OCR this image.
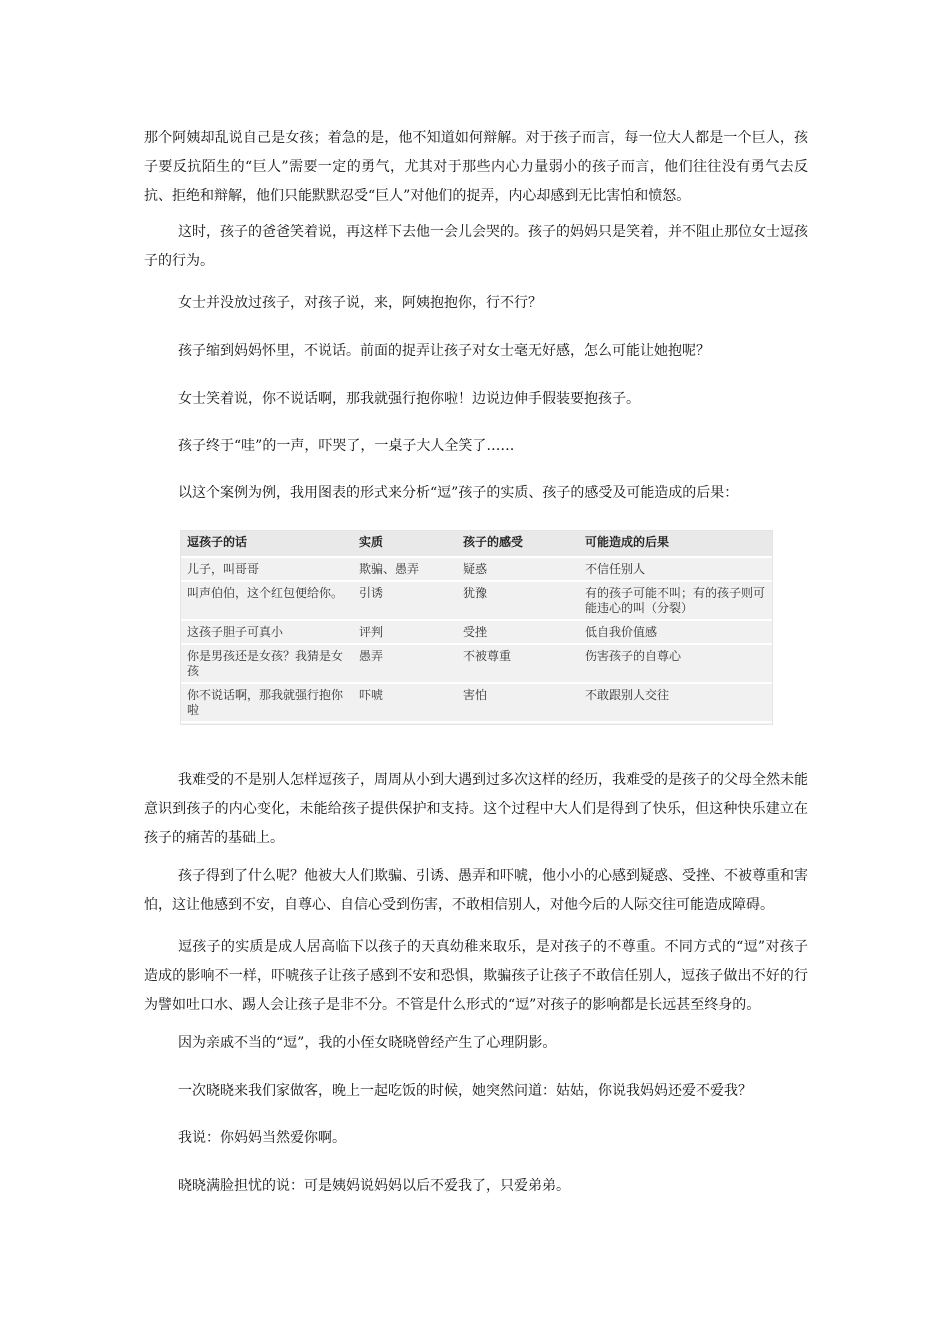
那个阿姨却乱说自己是女孩；着急的是，他不知道如何辩解。对于孩子而言，每一位大人都是一个巨人，孩子要反抗陌生的“巨人”需要一定的勇气，尤其对于那些内心力量弱小的孩子而言，他们往往没有勇气去反抗、拒绝和辩解，他们只能默默忍受“巨人”对他们的捉弄，内心却感到无比害怕和愤怒。

这时，孩子的爸爸笑着说，再这样下去他一会儿会哭的。孩子的妈妈只是笑着，并不阻止那位女士逗孩子的行为。

女士并没放过孩子，对孩子说，来，阿姨抱抱你，行不行？

孩子缩到妈妈怀里，不说话。前面的捉弄让孩子对女士毫无好感，怎么可能让她抱呢？

女士笑着说，你不说话啊，那我就强行抱你啦！边说边伸手假装要抱孩子。

孩子终于“哇”的一声，吓哭了，一桌子大人全笑了……

以这个案例为例，我用图表的形式来分析“逗”孩子的实质、孩子的感受及可能造成的后果：

逗孩子的话	实质	孩子的感受	可能造成的后果
儿子，叫哥哥	欺骗、愚弄	疑惑	不信任别人
叫声伯伯，这个红包便给你。	引诱	犹豫	有的孩子可能不叫；有的孩子则可能违心的叫（分裂）
这孩子胆子可真小	评判	受挫	低自我价值感
你是男孩还是女孩？我猜是女孩	愚弄	不被尊重	伤害孩子的自尊心
你不说话啊，那我就强行抱你啦	吓唬	害怕	不敢跟别人交往

我难受的不是别人怎样逗孩子，周周从小到大遇到过多次这样的经历，我难受的是孩子的父母全然未能意识到孩子的内心变化，未能给孩子提供保护和支持。这个过程中大人们是得到了快乐，但这种快乐建立在孩子的痛苦的基础上。

孩子得到了什么呢？他被大人们欺骗、引诱、愚弄和吓唬，他小小的心感到疑惑、受挫、不被尊重和害怕，这让他感到不安，自尊心、自信心受到伤害，不敢相信别人，对他今后的人际交往可能造成障碍。

逗孩子的实质是成人居高临下以孩子的天真幼稚来取乐，是对孩子的不尊重。不同方式的“逗”对孩子造成的影响不一样，吓唬孩子让孩子感到不安和恐惧，欺骗孩子让孩子不敢信任别人，逗孩子做出不好的行为譬如吐口水、踢人会让孩子是非不分。不管是什么形式的“逗”对孩子的影响都是长远甚至终身的。

因为亲戚不当的“逗”，我的小侄女晓晓曾经产生了心理阴影。

一次晓晓来我们家做客，晚上一起吃饭的时候，她突然问道：姑姑，你说我妈妈还爱不爱我？

我说：你妈妈当然爱你啊。

晓晓满脸担忧的说：可是姨妈说妈妈以后不爱我了，只爱弟弟。
